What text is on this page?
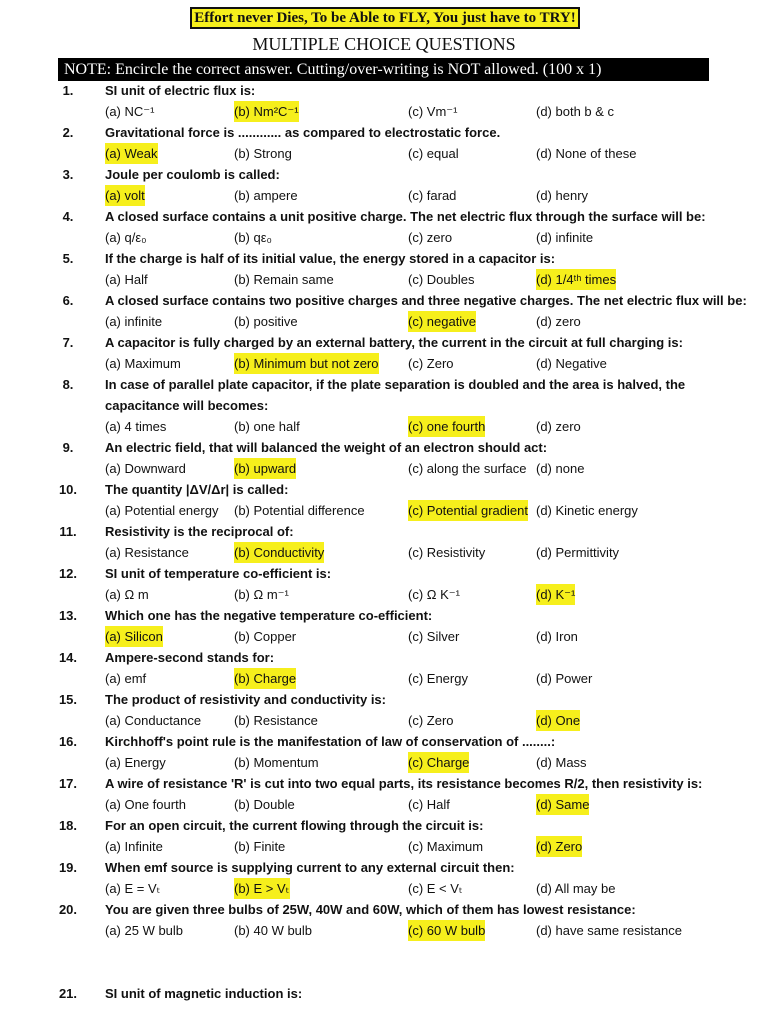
Effort never Dies, To be Able to FLY, You just have to TRY!
MULTIPLE CHOICE QUESTIONS
NOTE: Encircle the correct answer. Cutting/over-writing is NOT allowed. (100 x 1)
1.	SI unit of electric flux is:
(a) NC⁻¹	(b) Nm²C⁻¹	(c) Vm⁻¹	(d) both b & c
2.	Gravitational force is ............ as compared to electrostatic force.
(a) Weak	(b) Strong	(c) equal	(d) None of these
3.	Joule per coulomb is called:
(a) volt	(b) ampere	(c) farad	(d) henry
4.	A closed surface contains a unit positive charge. The net electric flux through the surface will be:
(a) q/ε₀	(b) qε₀	(c) zero	(d) infinite
5.	If the charge is half of its initial value, the energy stored in a capacitor is:
(a) Half	(b) Remain same	(c) Doubles	(d) 1/4ᵗʰ times
6.	A closed surface contains two positive charges and three negative charges. The net electric flux will be:
(a) infinite	(b) positive	(c) negative	(d) zero
7.	A capacitor is fully charged by an external battery, the current in the circuit at full charging is:
(a) Maximum	(b) Minimum but not zero (c) Zero	(d) Negative
8.	In case of parallel plate capacitor, if the plate separation is doubled and the area is halved, the capacitance will becomes:
(a) 4 times	(b) one half	(c) one fourth	(d) zero
9.	An electric field, that will balanced the weight of an electron should act:
(a) Downward	(b) upward	(c) along the surface (d) none
10.	The quantity |ΔV/Δr| is called:
(a) Potential energy (b) Potential difference	(c) Potential gradient (d) Kinetic energy
11.	Resistivity is the reciprocal of:
(a) Resistance	(b) Conductivity	(c) Resistivity	(d) Permittivity
12.	SI unit of temperature co-efficient is:
(a) Ω m	(b) Ω m⁻¹	(c) Ω K⁻¹	(d) K⁻¹
13.	Which one has the negative temperature co-efficient:
(a) Silicon	(b) Copper	(c) Silver	(d) Iron
14.	Ampere-second stands for:
(a) emf	(b) Charge	(c) Energy	(d) Power
15.	The product of resistivity and conductivity is:
(a) Conductance	(b) Resistance	(c) Zero	(d) One
16.	Kirchhoff's point rule is the manifestation of law of conservation of ........:
(a) Energy	(b) Momentum	(c) Charge	(d) Mass
17.	A wire of resistance 'R' is cut into two equal parts, its resistance becomes R/2, then resistivity is:
(a) One fourth	(b) Double	(c) Half	(d) Same
18.	For an open circuit, the current flowing through the circuit is:
(a) Infinite	(b) Finite	(c) Maximum	(d) Zero
19.	When emf source is supplying current to any external circuit then:
(a) E = Vₜ	(b) E > Vₜ	(c) E < Vₜ	(d) All may be
20.	You are given three bulbs of 25W, 40W and 60W, which of them has lowest resistance:
(a) 25 W bulb	(b) 40 W bulb	(c) 60 W bulb	(d) have same resistance
21.	SI unit of magnetic induction is:
